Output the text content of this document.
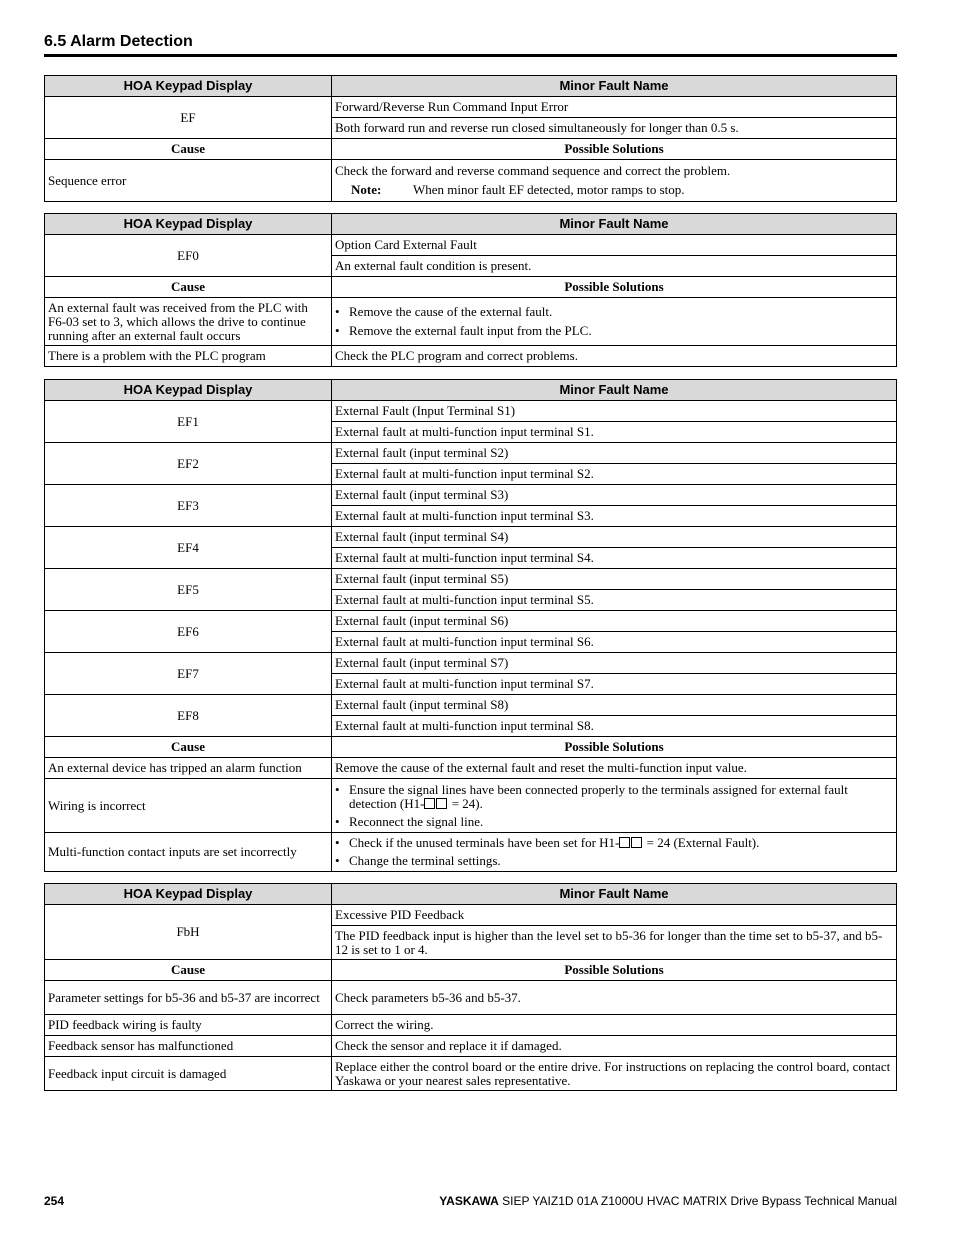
6.5 Alarm Detection
HOA Keypad Display	Minor Fault Name
EF	Forward/Reverse Run Command Input Error
	Both forward run and reverse run closed simultaneously for longer than 0.5 s.
Cause	Possible Solutions
Sequence error	Check the forward and reverse command sequence and correct the problem.
Note: When minor fault EF detected, motor ramps to stop.
HOA Keypad Display	Minor Fault Name
EF0	Option Card External Fault
	An external fault condition is present.
Cause	Possible Solutions
An external fault was received from the PLC with F6-03 set to 3, which allows the drive to continue running after an external fault occurs	• Remove the cause of the external fault.
• Remove the external fault input from the PLC.

There is a problem with the PLC program	Check the PLC program and correct problems.
HOA Keypad Display	Minor Fault Name
EF1	External Fault (Input Terminal S1)
	External fault at multi-function input terminal S1.
EF2	External fault (input terminal S2)
	External fault at multi-function input terminal S2.
EF3	External fault (input terminal S3)
	External fault at multi-function input terminal S3.
EF4	External fault (input terminal S4)
	External fault at multi-function input terminal S4.
EF5	External fault (input terminal S5)
	External fault at multi-function input terminal S5.
EF6	External fault (input terminal S6)
	External fault at multi-function input terminal S6.
EF7	External fault (input terminal S7)
	External fault at multi-function input terminal S7.
EF8	External fault (input terminal S8)
	External fault at multi-function input terminal S8.
Cause	Possible Solutions
An external device has tripped an alarm function	Remove the cause of the external fault and reset the multi-function input value.
Wiring is incorrect	• Ensure the signal lines have been connected properly to the terminals assigned for external fault detection (H1- = 24).
• Reconnect the signal line.

Multi-function contact inputs are set incorrectly	• Check if the unused terminals have been set for H1- = 24 (External Fault).
• Change the terminal settings.
HOA Keypad Display	Minor Fault Name
FbH	Excessive PID Feedback
	The PID feedback input is higher than the level set to b5-36 for longer than the time set to b5-37, and b5-12 is set to 1 or 4.
Cause	Possible Solutions
Parameter settings for b5-36 and b5-37 are incorrect	Check parameters b5-36 and b5-37.
PID feedback wiring is faulty	Correct the wiring.
Feedback sensor has malfunctioned	Check the sensor and replace it if damaged.
Feedback input circuit is damaged	Replace either the control board or the entire drive. For instructions on replacing the control board, contact Yaskawa or your nearest sales representative.
254	YASKAWA SIEP YAIZ1D 01A Z1000U HVAC MATRIX Drive Bypass Technical Manual
